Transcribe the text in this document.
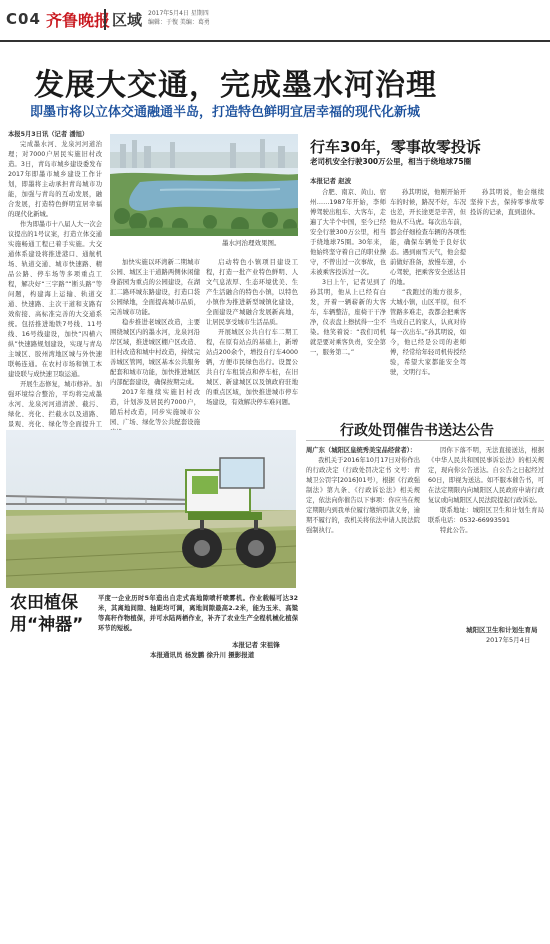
C04 齐鲁晚报 区域 2017年5月4日 星期四
编辑：于復 美编：葛勇
发展大交通，完成墨水河治理
即墨市将以立体交通融通半岛，打造特色鲜明宜居幸福的现代化新城

本报5月3日讯（记者 潘旭）

完成墨水河、龙泉河河道治理；对7000户居民实施旧村改造。3日，青岛市城乡建设委发布2017年即墨市城乡建设工作计划，即墨将主动承担青岛城市功能，加强与青岛的互动发展，融合发展，打造特色鲜明宜居幸福的现代化新城。

作为即墨市十八届人大一次会议提出的1号议案，打造立体交通实施畅通工程已着手实施。大交通体系建设将推进港口、通航机场、轨道交通、城市快速路、精品公路、停车场等多项重点工程，解决好“三字路”“断头路”等问题，构建海上运输、轨道交通、快速路、主次干道和支路有效衔接、高标准完善的大交通系统。包括推进地铁7号线、11号线、16号线建设，加快“四横六纵”快速路规划建设，实现与青岛主城区、胶州湾地区城与外快速联畅连通。在农村市场和镇工本建设联与成快速卫取运通。

开展生态修复，城市修补。加强环境综合整治，平均将完成墨水河、龙泉河河道清淤、截污、绿化、亮化、拦截水以及道路、景观、亮化、绿化等全面提升工

墨水河治理效果图。

加快实施以环湾新二期城市公园、城区主干道路两侧休闲健身游园为重点的公园建设，在湖汇二路环城东路建设，打造口袋公园绿地，全面提高城市品质，完善城市功能。

稳步推进老城区改造，主要围绕城区内的墨水河，龙泉河沿岸区域，推进城区棚户区改造、旧村改造和城中村改造，持续完善城区管网，城区基本公共服务配套和城市功能，加快推进城区内部配套建设，确保按期完成。

2017年继续实施旧村改造，计划涉及居民约7000户，随后村改造，同步实施城市公园、广场、绿化等公共配套设施

启动特色小镇项目建设工程，打造一批产业特色鲜明、人文气息浓厚、生态环境优美、生产生活融合的特色小镇，以特色小镇作为推进新型城镇化建设，全面建设产城融合发展新高地，让居民享受城市生活品质。

开展城区公共自行车二期工程，在原有站点的基础上，新增站点200余个，增投自行车4000辆，方便市民绿色出行。设置公共自行车租赁点和停车桩，在旧城区、新建城区以及镇政府驻地的重点区域，加快推进城市停车场建设，有效解决停车难问题。

行车30年，零事故零投诉
老司机安全行驶300万公里，相当于绕地球75圈
本报记者 赵波

合肥、南京、黄山、宿州……1987年开始，李师傅驾驶出租车、大客车，走遍了大半个中国，至今已经安全行驶300万公里，相当于绕地球75圈。30年来，他始终坚守着自己的职业操守，不曾出过一次事故，也未被乘客投诉过一次。

3日上午，记者见到了孙其明，他从上已经有白发，开着一辆崭新的大客车，车辆整洁，座椅干干净净，仪表盘上擦拭得一尘不染。他笑着说：“我们司机就是要对乘客负责，安全第一，服务第二。”

孙其明说，他刚开始开车的时候，路况不好，车况也差，开长途更是辛苦，但他从不马虎。每次出车前，都会仔细检查车辆的各项性能，确保车辆处于良好状态。遇到雨雪天气，他会提前做好准备，放慢车速，小心驾驶，把乘客安全送达目的地。

“我跑过的地方很多，大城小镇，山区平原，但不管路多难走，我都会把乘客当成自己的家人，认真对待每一次出车。”孙其明说，如今，他已经是公司的老师傅，经常给年轻司机传授经验，希望大家都能安全驾驶，文明行车。

孙其明说，他会继续坚持下去，保持零事故零投诉的记录，直到退休。

行政处罚催告书送达公告

周广东（城阳区皇统秀美宝品经营者）：

我机关于2016年10月17日对你作出的行政决定（行政处罚决定书 文号：青城卫公罚字[2016]01号），根据《行政强制法》第九条、《行政诉讼法》相关规定，依法向你催告以下事项：你应当在规定期限内到我单位履行缴纳罚款义务，逾期不履行的，我机关将依法申请人民法院强制执行。

因你下落不明，无法直接送达，根据《中华人民共和国民事诉讼法》的相关规定，现向你公告送达。自公告之日起经过60日，即视为送达。如不服本催告书，可在法定期限内向城阳区人民政府申请行政复议或向城阳区人民法院提起行政诉讼。

联系地址：城阳区卫生和计划生育局 联系电话：0532-66993591

特此公告。

城阳区卫生和计划生育局
2017年5月4日
农田植保
用“神器”

平度一企业历时5年造出自走式高地隙喷杆喷雾机。作业载幅可达32米，其离地间隙、轴距均可调，离地间隙最高2.2米，能为玉米、高粱等高秆作物植保，并可水陆两栖作业，补齐了农业生产全程机械化植保环节的短板。

本报记者 宋祖锋
本报通讯员 杨发鹏 徐升川 摄影报道
